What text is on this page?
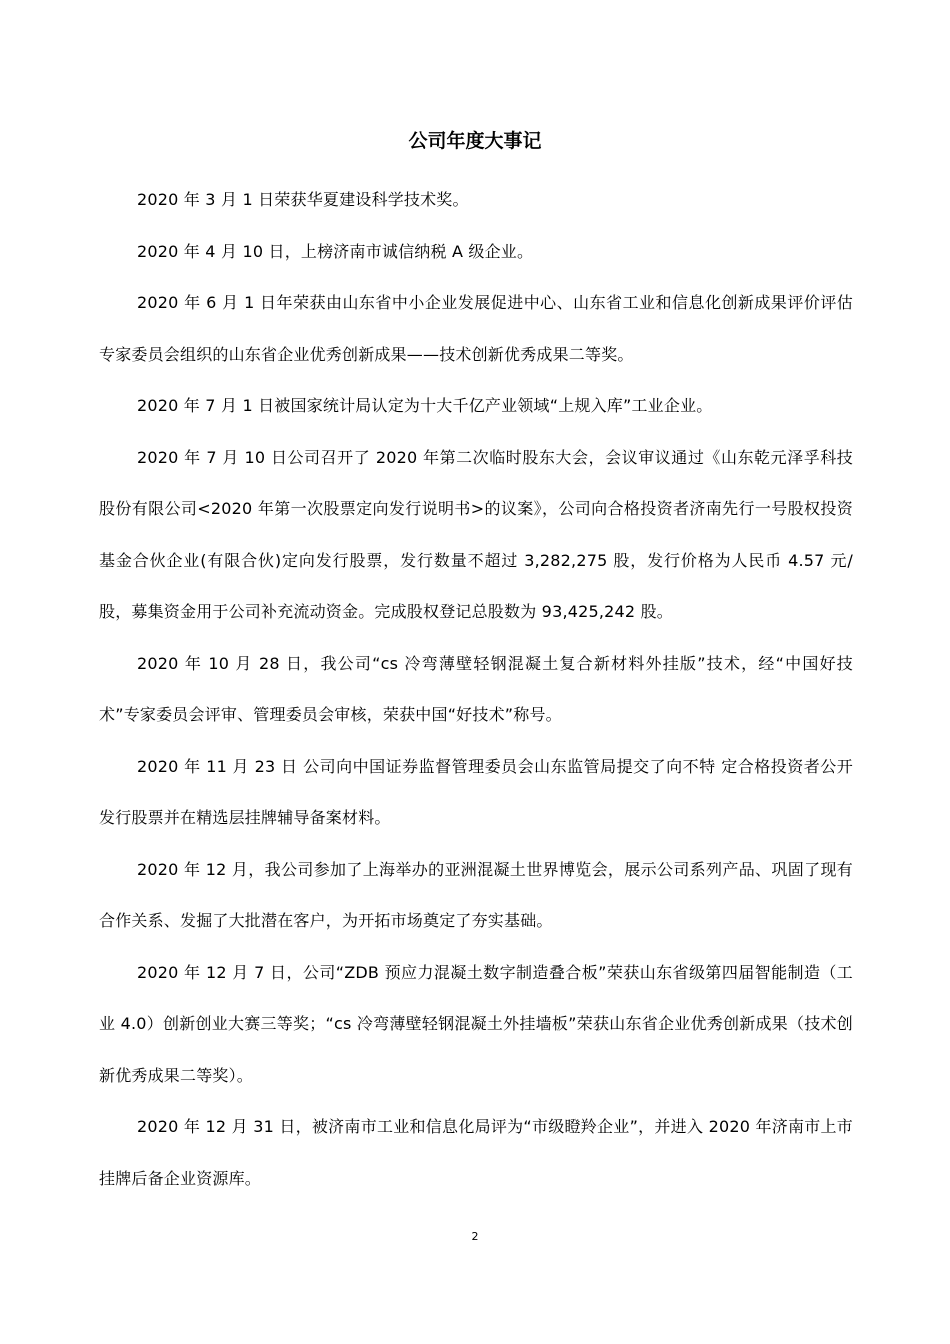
公司年度大事记

2020 年 3 月 1 日荣获华夏建设科学技术奖。

2020 年 4 月 10 日，上榜济南市诚信纳税 A 级企业。

2020 年 6 月 1 日年荣获由山东省中小企业发展促进中心、山东省工业和信息化创新成果评价评估专家委员会组织的山东省企业优秀创新成果——技术创新优秀成果二等奖。

2020 年 7 月 1 日被国家统计局认定为十大千亿产业领域“上规入库”工业企业。

2020 年 7 月 10 日公司召开了 2020 年第二次临时股东大会，会议审议通过《山东乾元泽孚科技股份有限公司<2020 年第一次股票定向发行说明书>的议案》，公司向合格投资者济南先行一号股权投资基金合伙企业(有限合伙)定向发行股票，发行数量不超过 3,282,275 股，发行价格为人民币 4.57 元/股，募集资金用于公司补充流动资金。完成股权登记总股数为 93,425,242 股。

2020 年 10 月 28 日，我公司“cs 冷弯薄壁轻钢混凝土复合新材料外挂版”技术，经“中国好技术”专家委员会评审、管理委员会审核，荣获中国“好技术”称号。

2020 年 11 月 23 日 公司向中国证券监督管理委员会山东监管局提交了向不特 定合格投资者公开发行股票并在精选层挂牌辅导备案材料。

2020 年 12 月，我公司参加了上海举办的亚洲混凝土世界博览会，展示公司系列产品、巩固了现有合作关系、发掘了大批潜在客户，为开拓市场奠定了夯实基础。

2020 年 12 月 7 日，公司“ZDB 预应力混凝土数字制造叠合板”荣获山东省级第四届智能制造（工业 4.0）创新创业大赛三等奖；“cs 冷弯薄壁轻钢混凝土外挂墙板”荣获山东省企业优秀创新成果（技术创新优秀成果二等奖）。

2020 年 12 月 31 日，被济南市工业和信息化局评为“市级瞪羚企业”，并进入 2020 年济南市上市挂牌后备企业资源库。

2
